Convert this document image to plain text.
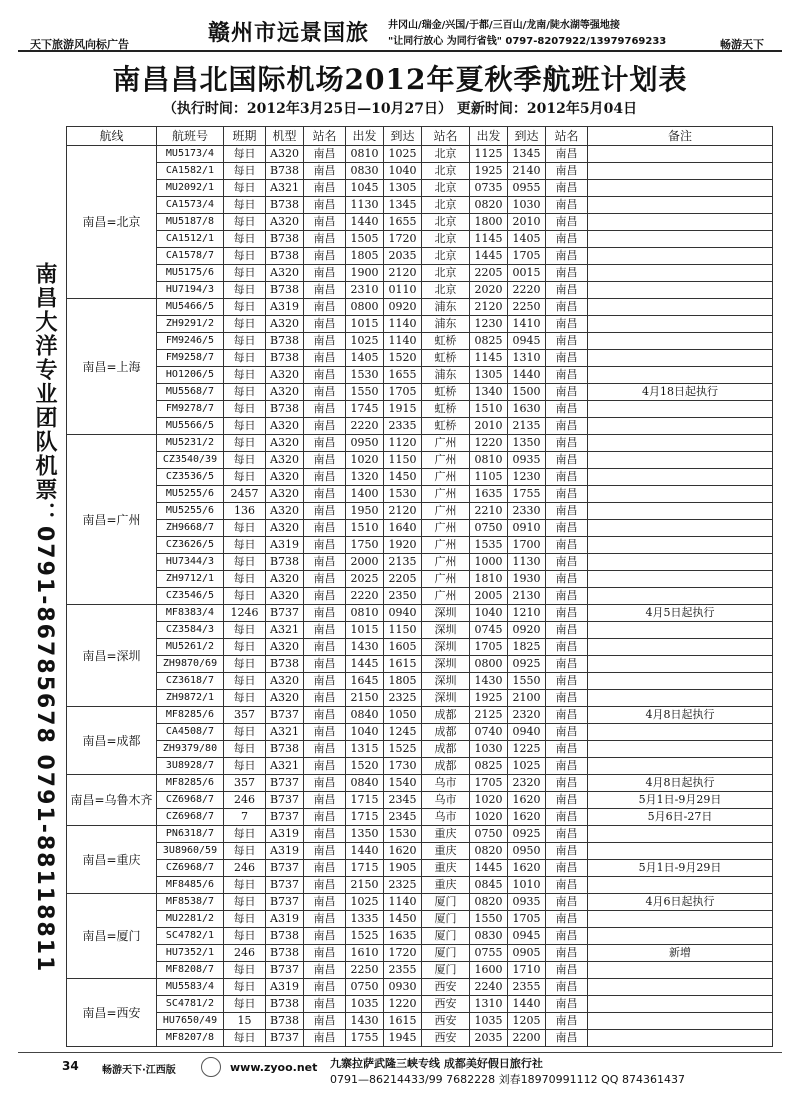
天下旅游风向标广告	赣州市远景国旅 井冈山/瑞金/兴国/于都/三百山/龙南/陡水湖等强地接
"让同行放心 为同行省钱" 0797-8207922/13979769233	畅游天下
南昌昌北国际机场2012年夏秋季航班计划表
（执行时间：2012年3月25日—10月27日） 更新时间：2012年5月04日
南昌大洋专业团队机票：0791-86785678 0791-88118811
航线	航班号	班期	机型	站名	出发	到达	站名	出发	到达	站名	备注
南昌=北京	MU5173/4	每日	A320	南昌	0810	1025	北京	1125	1345	南昌	
	CA1582/1	每日	B738	南昌	0830	1040	北京	1925	2140	南昌	
	MU2092/1	每日	A321	南昌	1045	1305	北京	0735	0955	南昌	
	CA1573/4	每日	B738	南昌	1130	1345	北京	0820	1030	南昌	
	MU5187/8	每日	A320	南昌	1440	1655	北京	1800	2010	南昌	
	CA1512/1	每日	B738	南昌	1505	1720	北京	1145	1405	南昌	
	CA1578/7	每日	B738	南昌	1805	2035	北京	1445	1705	南昌	
	MU5175/6	每日	A320	南昌	1900	2120	北京	2205	0015	南昌	
	HU7194/3	每日	B738	南昌	2310	0110	北京	2020	2220	南昌	
南昌=上海	MU5466/5	每日	A319	南昌	0800	0920	浦东	2120	2250	南昌	
	ZH9291/2	每日	A320	南昌	1015	1140	浦东	1230	1410	南昌	
	FM9246/5	每日	B738	南昌	1025	1140	虹桥	0825	0945	南昌	
	FM9258/7	每日	B738	南昌	1405	1520	虹桥	1145	1310	南昌	
	HO1206/5	每日	A320	南昌	1530	1655	浦东	1305	1440	南昌	
	MU5568/7	每日	A320	南昌	1550	1705	虹桥	1340	1500	南昌	4月18日起执行
	FM9278/7	每日	B738	南昌	1745	1915	虹桥	1510	1630	南昌	
	MU5566/5	每日	A320	南昌	2220	2335	虹桥	2010	2135	南昌	
南昌=广州	MU5231/2	每日	A320	南昌	0950	1120	广州	1220	1350	南昌	
	CZ3540/39	每日	A320	南昌	1020	1150	广州	0810	0935	南昌	
	CZ3536/5	每日	A320	南昌	1320	1450	广州	1105	1230	南昌	
	MU5255/6	2457	A320	南昌	1400	1530	广州	1635	1755	南昌	
	MU5255/6	136	A320	南昌	1950	2120	广州	2210	2330	南昌	
	ZH9668/7	每日	A320	南昌	1510	1640	广州	0750	0910	南昌	
	CZ3626/5	每日	A319	南昌	1750	1920	广州	1535	1700	南昌	
	HU7344/3	每日	B738	南昌	2000	2135	广州	1000	1130	南昌	
	ZH9712/1	每日	A320	南昌	2025	2205	广州	1810	1930	南昌	
	CZ3546/5	每日	A320	南昌	2220	2350	广州	2005	2130	南昌	
南昌=深圳	MF8383/4	1246	B737	南昌	0810	0940	深圳	1040	1210	南昌	4月5日起执行
	CZ3584/3	每日	A321	南昌	1015	1150	深圳	0745	0920	南昌	
	MU5261/2	每日	A320	南昌	1430	1605	深圳	1705	1825	南昌	
	ZH9870/69	每日	B738	南昌	1445	1615	深圳	0800	0925	南昌	
	CZ3618/7	每日	A320	南昌	1645	1805	深圳	1430	1550	南昌	
	ZH9872/1	每日	A320	南昌	2150	2325	深圳	1925	2100	南昌	
南昌=成都	MF8285/6	357	B737	南昌	0840	1050	成都	2125	2320	南昌	4月8日起执行
	CA4508/7	每日	A321	南昌	1040	1245	成都	0740	0940	南昌	
	ZH9379/80	每日	B738	南昌	1315	1525	成都	1030	1225	南昌	
	3U8928/7	每日	A321	南昌	1520	1730	成都	0825	1025	南昌	
南昌=乌鲁木齐	MF8285/6	357	B737	南昌	0840	1540	乌市	1705	2320	南昌	4月8日起执行
	CZ6968/7	246	B737	南昌	1715	2345	乌市	1020	1620	南昌	5月1日-9月29日
	CZ6968/7	7	B737	南昌	1715	2345	乌市	1020	1620	南昌	5月6日-27日
南昌=重庆	PN6318/7	每日	A319	南昌	1350	1530	重庆	0750	0925	南昌	
	3U8960/59	每日	A319	南昌	1440	1620	重庆	0820	0950	南昌	
	CZ6968/7	246	B737	南昌	1715	1905	重庆	1445	1620	南昌	5月1日-9月29日
	MF8485/6	每日	B737	南昌	2150	2325	重庆	0845	1010	南昌	
南昌=厦门	MF8538/7	每日	B737	南昌	1025	1140	厦门	0820	0935	南昌	4月6日起执行
	MU2281/2	每日	A319	南昌	1335	1450	厦门	1550	1705	南昌	
	SC4782/1	每日	B738	南昌	1525	1635	厦门	0830	0945	南昌	
	HU7352/1	246	B738	南昌	1610	1720	厦门	0755	0905	南昌	新增
	MF8208/7	每日	B737	南昌	2250	2355	厦门	1600	1710	南昌	
南昌=西安	MU5583/4	每日	A319	南昌	0750	0930	西安	2240	2355	南昌	
	SC4781/2	每日	B738	南昌	1035	1220	西安	1310	1440	南昌	
	HU7650/49	15	B738	南昌	1430	1615	西安	1035	1205	南昌	
	MF8207/8	每日	B737	南昌	1755	1945	西安	2035	2200	南昌	
34 畅游天下·江西版	www.zyoo.net 九寨拉萨武隆三峡专线 成都美好假日旅行社
0791—86214433/99 7682228 刘春18970991112 QQ 874361437
